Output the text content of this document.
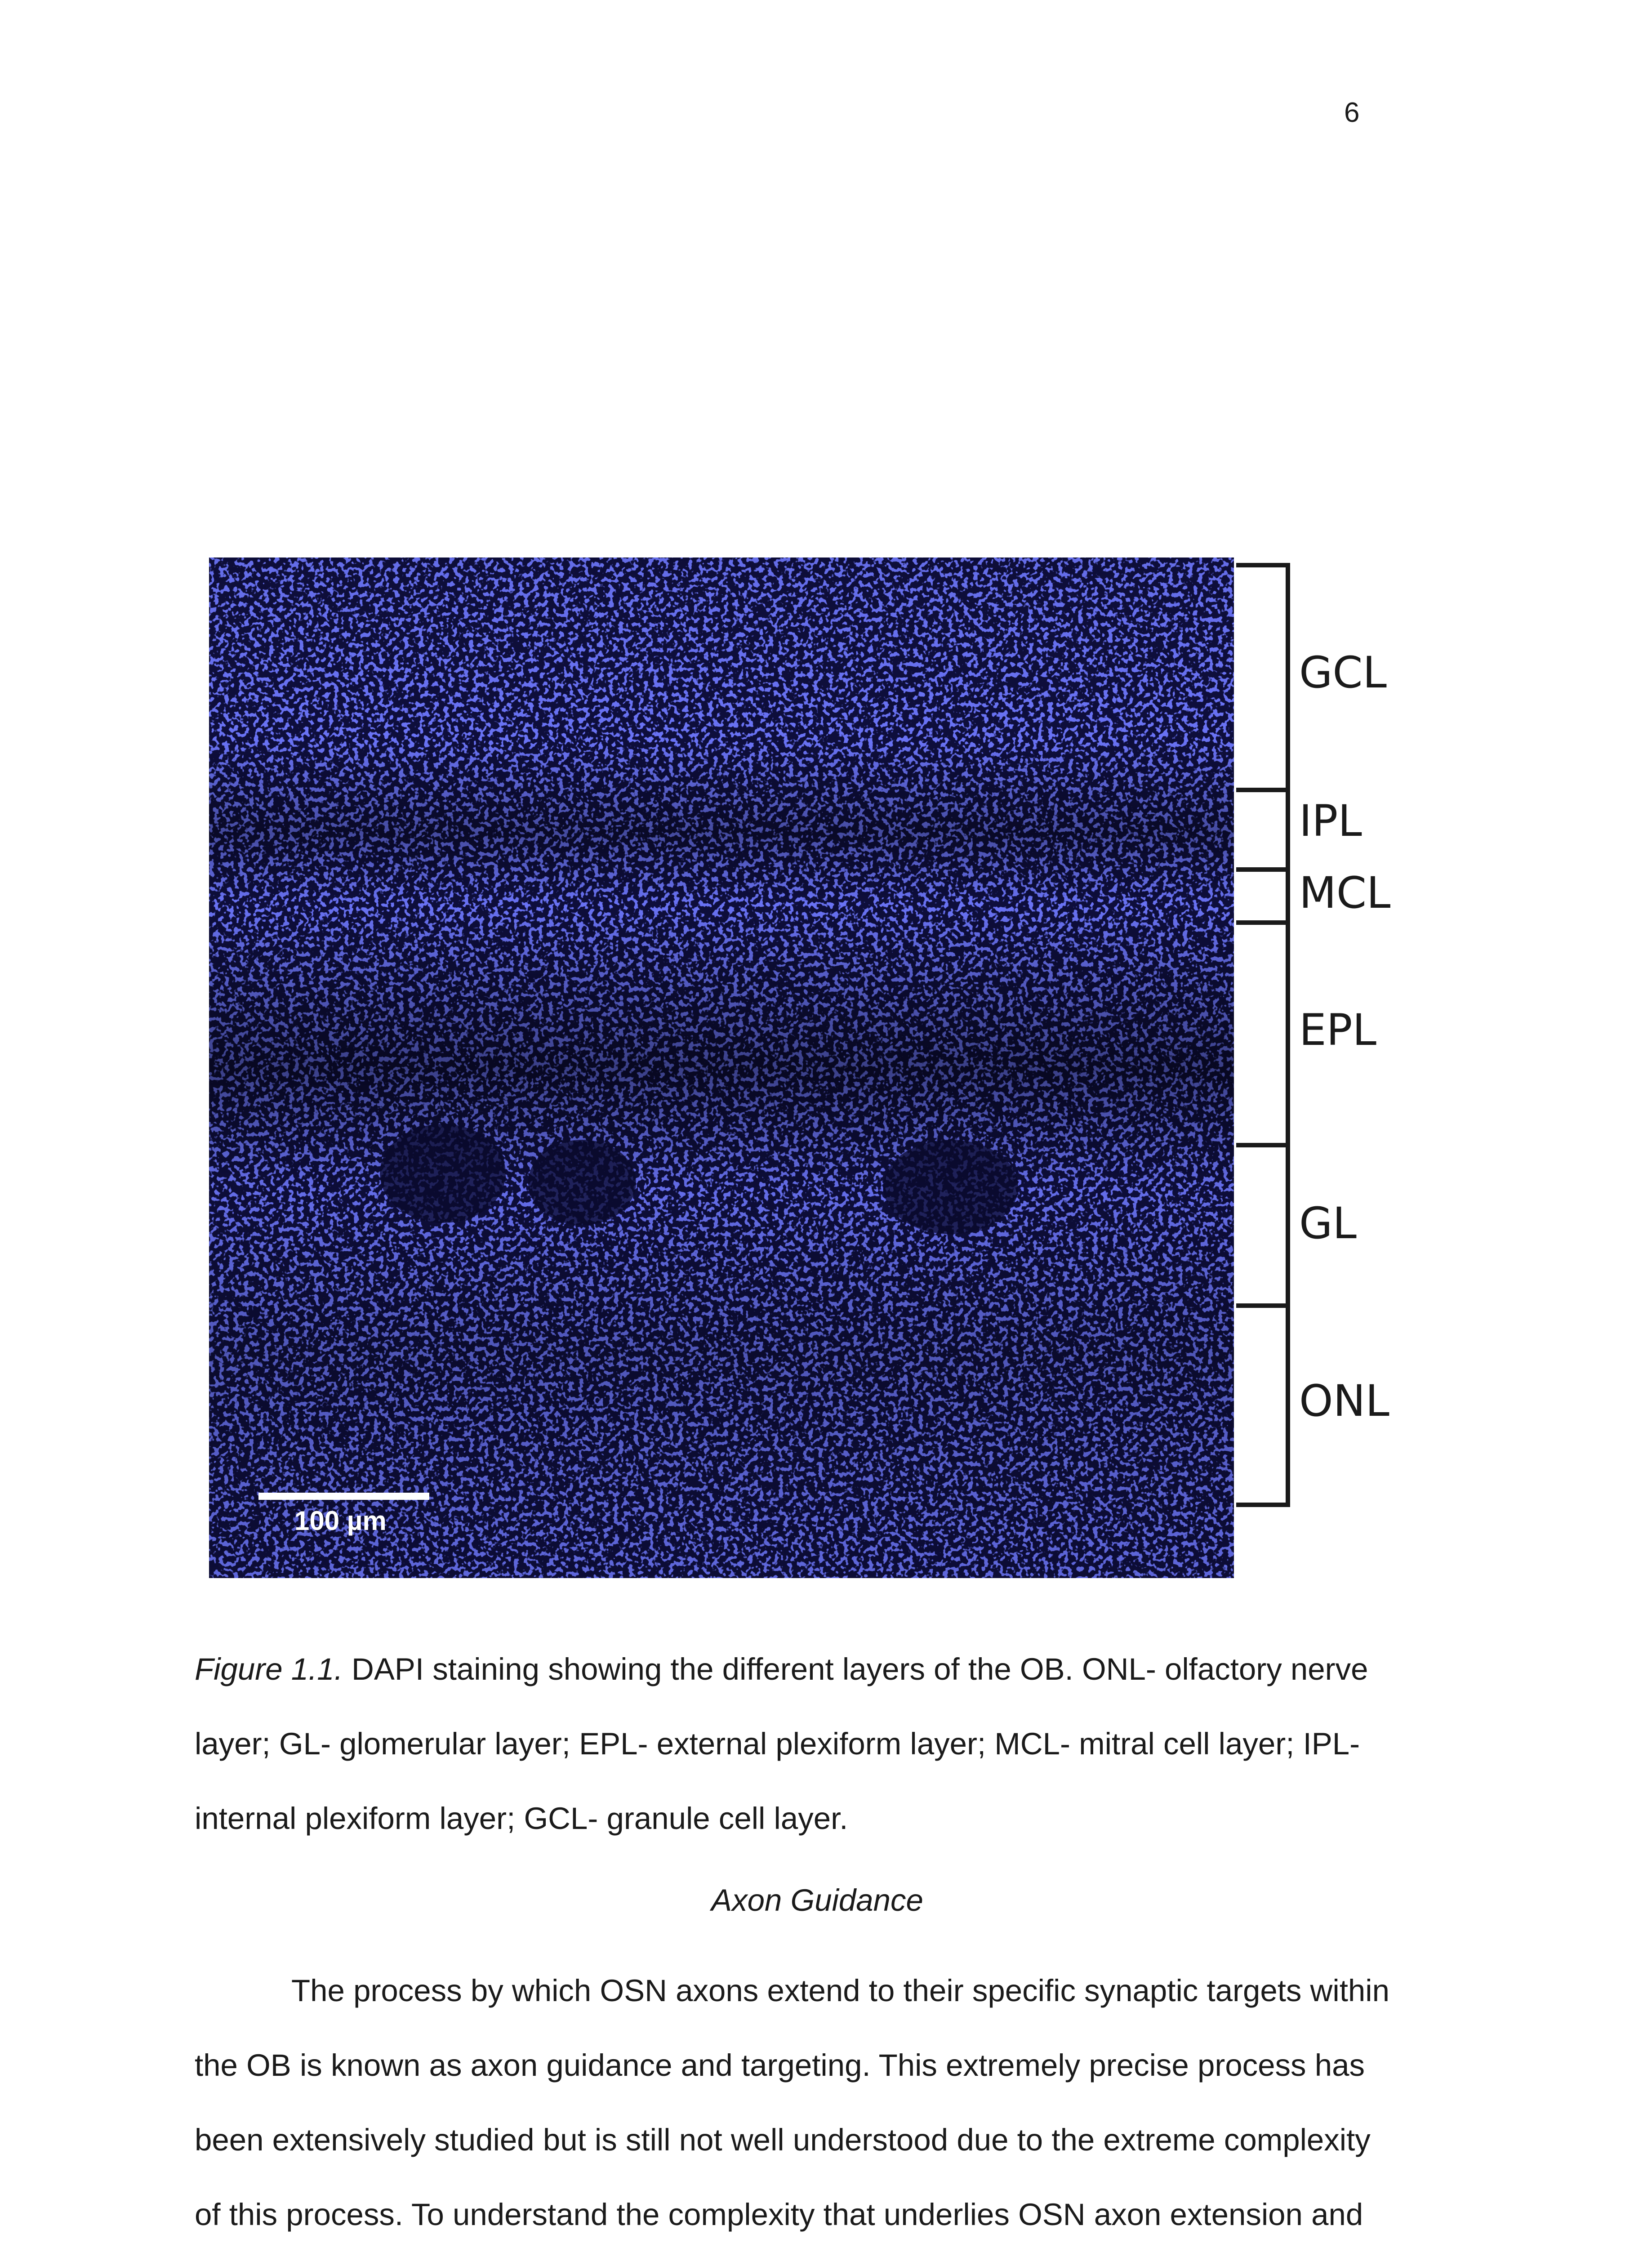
6
100 µm
GCL
IPL
MCL
EPL
GL
ONL
Figure 1.1. DAPI staining showing the different layers of the OB. ONL- olfactory nerve layer; GL- glomerular layer; EPL- external plexiform layer; MCL- mitral cell layer; IPL- internal plexiform layer; GCL- granule cell layer.
Axon Guidance
The process by which OSN axons extend to their specific synaptic targets within
the OB is known as axon guidance and targeting. This extremely precise process has
been extensively studied but is still not well understood due to the extreme complexity
of this process. To understand the complexity that underlies OSN axon extension and
